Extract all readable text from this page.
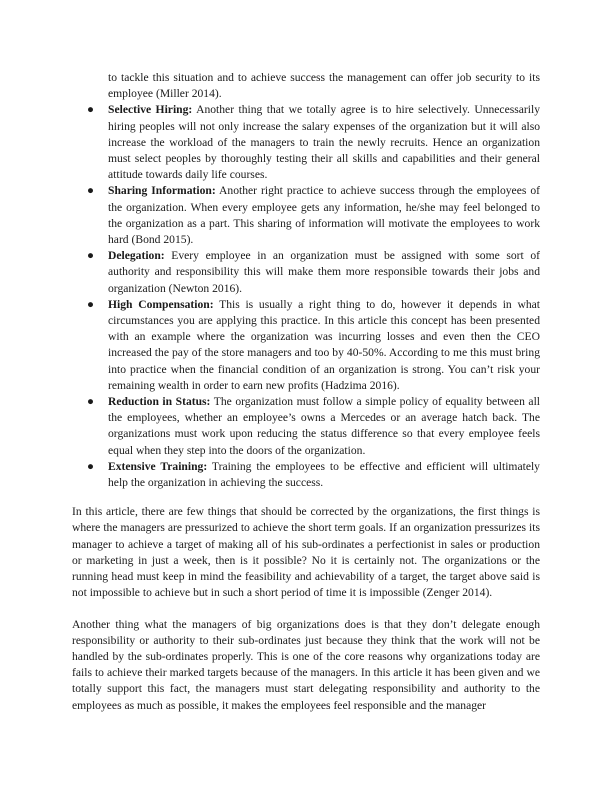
to tackle this situation and to achieve success the management can offer job security to its employee (Miller 2014).

● Selective Hiring: Another thing that we totally agree is to hire selectively. Unnecessarily hiring peoples will not only increase the salary expenses of the organization but it will also increase the workload of the managers to train the newly recruits. Hence an organization must select peoples by thoroughly testing their all skills and capabilities and their general attitude towards daily life courses.
● Sharing Information: Another right practice to achieve success through the employees of the organization. When every employee gets any information, he/she may feel belonged to the organization as a part. This sharing of information will motivate the employees to work hard (Bond 2015).
● Delegation: Every employee in an organization must be assigned with some sort of authority and responsibility this will make them more responsible towards their jobs and organization (Newton 2016).
● High Compensation: This is usually a right thing to do, however it depends in what circumstances you are applying this practice. In this article this concept has been presented with an example where the organization was incurring losses and even then the CEO increased the pay of the store managers and too by 40-50%. According to me this must bring into practice when the financial condition of an organization is strong. You can’t risk your remaining wealth in order to earn new profits (Hadzima 2016).
● Reduction in Status: The organization must follow a simple policy of equality between all the employees, whether an employee’s owns a Mercedes or an average hatch back. The organizations must work upon reducing the status difference so that every employee feels equal when they step into the doors of the organization.
● Extensive Training: Training the employees to be effective and efficient will ultimately help the organization in achieving the success.

In this article, there are few things that should be corrected by the organizations, the first things is where the managers are pressurized to achieve the short term goals. If an organization pressurizes its manager to achieve a target of making all of his sub-ordinates a perfectionist in sales or production or marketing in just a week, then is it possible? No it is certainly not. The organizations or the running head must keep in mind the feasibility and achievability of a target, the target above said is not impossible to achieve but in such a short period of time it is impossible (Zenger 2014).

Another thing what the managers of big organizations does is that they don’t delegate enough responsibility or authority to their sub-ordinates just because they think that the work will not be handled by the sub-ordinates properly. This is one of the core reasons why organizations today are fails to achieve their marked targets because of the managers. In this article it has been given and we totally support this fact, the managers must start delegating responsibility and authority to the employees as much as possible, it makes the employees feel responsible and the manager
